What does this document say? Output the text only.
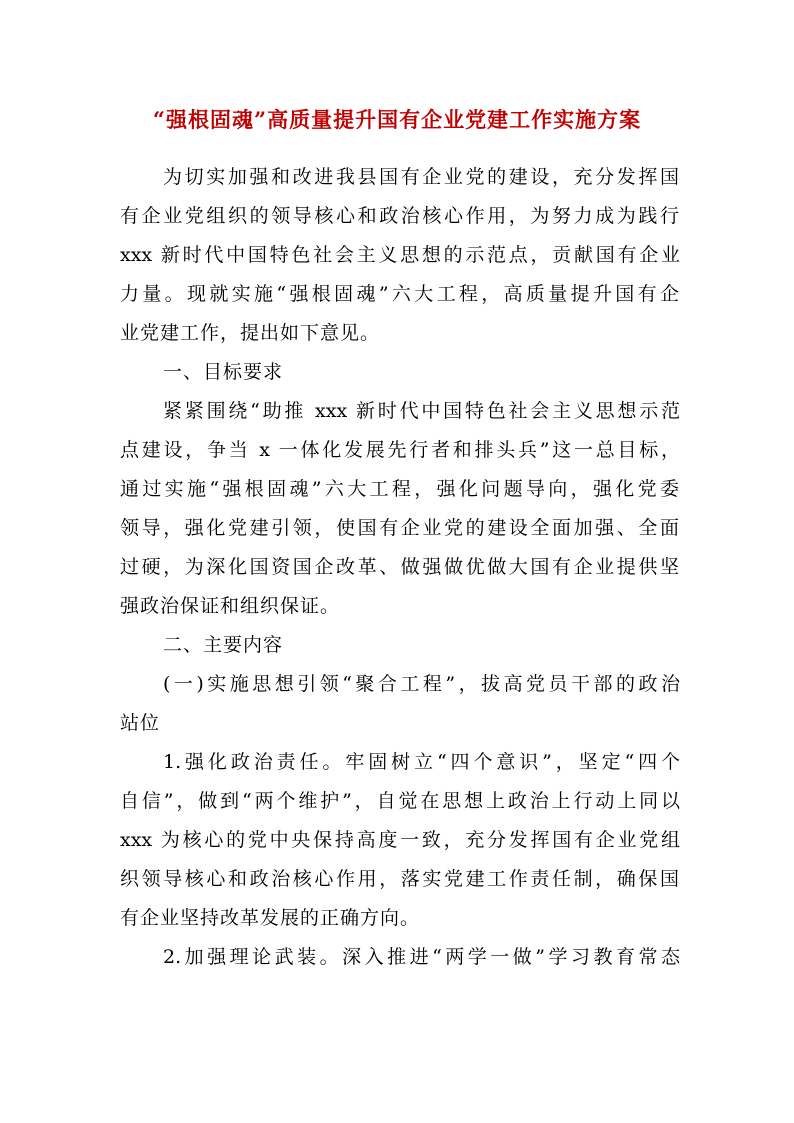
“强根固魂”高质量提升国有企业党建工作实施方案
为切实加强和改进我县国有企业党的建设，充分发挥国
有企业党组织的领导核心和政治核心作用，为努力成为践行
xxx 新时代中国特色社会主义思想的示范点，贡献国有企业
力量。现就实施“强根固魂”六大工程，高质量提升国有企
业党建工作，提出如下意见。
一、目标要求
紧紧围绕“助推 xxx 新时代中国特色社会主义思想示范
点建设，争当 x 一体化发展先行者和排头兵”这一总目标，
通过实施“强根固魂”六大工程，强化问题导向，强化党委
领导，强化党建引领，使国有企业党的建设全面加强、全面
过硬，为深化国资国企改革、做强做优做大国有企业提供坚
强政治保证和组织保证。
二、主要内容
(一)实施思想引领“聚合工程”，拔高党员干部的政治
站位
1.强化政治责任。牢固树立“四个意识”，坚定“四个
自信”，做到“两个维护”，自觉在思想上政治上行动上同以
xxx 为核心的党中央保持高度一致，充分发挥国有企业党组
织领导核心和政治核心作用，落实党建工作责任制，确保国
有企业坚持改革发展的正确方向。
2.加强理论武装。深入推进“两学一做”学习教育常态
